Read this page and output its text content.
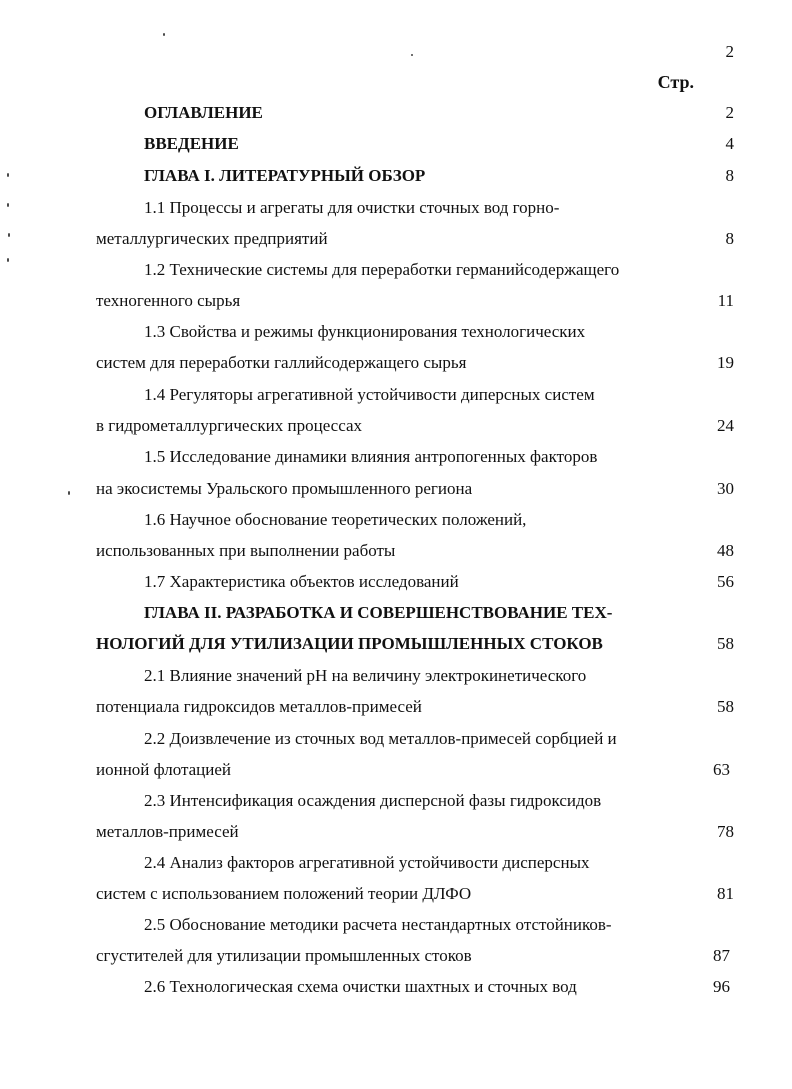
2
Стр.
ОГЛАВЛЕНИЕ	2
ВВЕДЕНИЕ	4
ГЛАВА I. ЛИТЕРАТУРНЫЙ ОБЗОР	8
1.1 Процессы и агрегаты для очистки сточных вод горно-
металлургических предприятий	8
1.2 Технические системы для переработки германийсодержащего
техногенного сырья	11
1.3 Свойства и режимы функционирования технологических
систем для переработки галлийсодержащего сырья	19
1.4 Регуляторы агрегативной устойчивости диперсных систем
в гидрометаллургических процессах	24
1.5 Исследование динамики влияния антропогенных факторов
на экосистемы Уральского промышленного региона	30
1.6 Научное обоснование теоретических положений,
использованных при выполнении работы	48
1.7 Характеристика объектов исследований	56
ГЛАВА II. РАЗРАБОТКА И СОВЕРШЕНСТВОВАНИЕ ТЕХ-
НОЛОГИЙ ДЛЯ УТИЛИЗАЦИИ ПРОМЫШЛЕННЫХ СТОКОВ	58
2.1 Влияние значений pH на величину электрокинетического
потенциала гидроксидов металлов-примесей	58
2.2 Доизвлечение из сточных вод металлов-примесей сорбцией и
ионной флотацией	63
2.3 Интенсификация осаждения дисперсной фазы гидроксидов
металлов-примесей	78
2.4 Анализ факторов агрегативной устойчивости дисперсных
систем с использованием положений теории ДЛФО	81
2.5 Обоснование методики расчета нестандартных отстойников-
сгустителей для утилизации промышленных стоков	87
2.6 Технологическая схема очистки шахтных и сточных вод	96
